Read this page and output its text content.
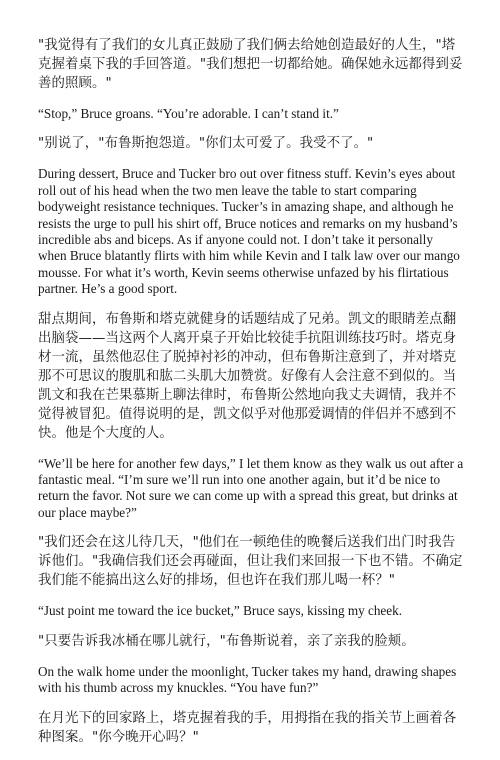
"我觉得有了我们的女儿真正鼓励了我们俩去给她创造最好的人生，"塔克握着桌下我的手回答道。"我们想把一切都给她。确保她永远都得到妥善的照顾。"

“Stop,” Bruce groans. “You’re adorable. I can’t stand it.”

"别说了，"布鲁斯抱怨道。"你们太可爱了。我受不了。"

During dessert, Bruce and Tucker bro out over fitness stuff. Kevin’s eyes about roll out of his head when the two men leave the table to start comparing bodyweight resistance techniques. Tucker’s in amazing shape, and although he resists the urge to pull his shirt off, Bruce notices and remarks on my husband’s incredible abs and biceps. As if anyone could not. I don’t take it personally when Bruce blatantly flirts with him while Kevin and I talk law over our mango mousse. For what it’s worth, Kevin seems otherwise unfazed by his flirtatious partner. He’s a good sport.

甜点期间，布鲁斯和塔克就健身的话题结成了兄弟。凯文的眼睛差点翻出脑袋——当这两个人离开桌子开始比较徒手抗阻训练技巧时。塔克身材一流，虽然他忍住了脱掉衬衫的冲动，但布鲁斯注意到了，并对塔克那不可思议的腹肌和肱二头肌大加赞赏。好像有人会注意不到似的。当凯文和我在芒果慕斯上聊法律时，布鲁斯公然地向我丈夫调情，我并不觉得被冒犯。值得说明的是，凯文似乎对他那爱调情的伴侣并不感到不快。他是个大度的人。

“We’ll be here for another few days,” I let them know as they walk us out after a fantastic meal. “I’m sure we’ll run into one another again, but it’d be nice to return the favor. Not sure we can come up with a spread this great, but drinks at our place maybe?”

"我们还会在这儿待几天，"他们在一顿绝佳的晚餐后送我们出门时我告诉他们。"我确信我们还会再碰面，但让我们来回报一下也不错。不确定我们能不能搞出这么好的排场，但也许在我们那儿喝一杯？"

“Just point me toward the ice bucket,” Bruce says, kissing my cheek.

"只要告诉我冰桶在哪儿就行，"布鲁斯说着，亲了亲我的脸颊。

On the walk home under the moonlight, Tucker takes my hand, drawing shapes with his thumb across my knuckles. “You have fun?”

在月光下的回家路上，塔克握着我的手，用拇指在我的指关节上画着各种图案。"你今晚开心吗？"
